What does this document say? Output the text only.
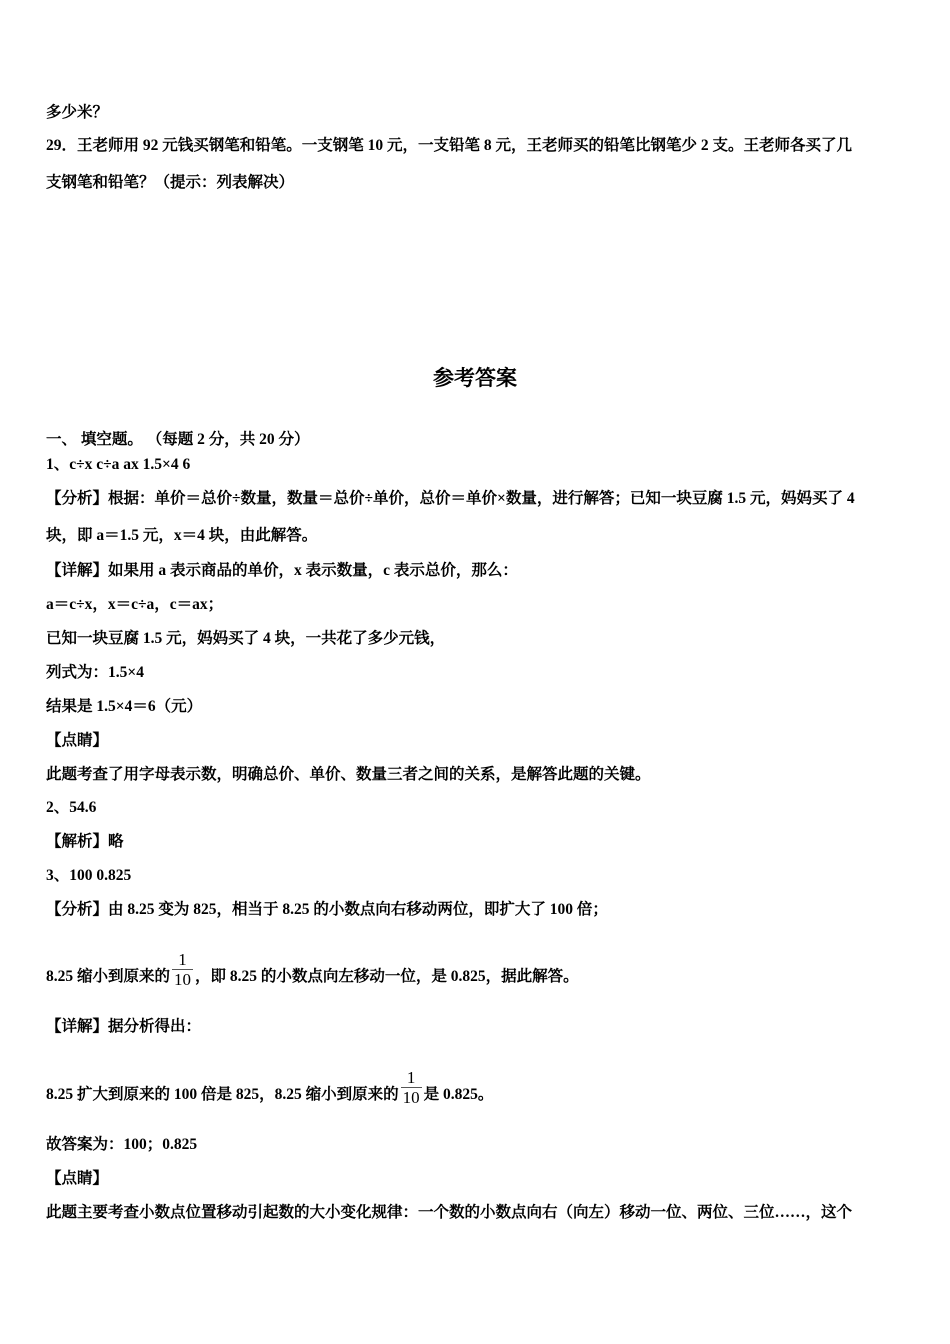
多少米？
29．王老师用 92 元钱买钢笔和铅笔。一支钢笔 10 元，一支铅笔 8 元，王老师买的铅笔比钢笔少 2 支。王老师各买了几
支钢笔和铅笔？（提示：列表解决）
参考答案
一、 填空题。 （每题 2 分，共 20 分）
1、c÷x c÷a ax 1.5×4 6
【分析】根据：单价＝总价÷数量，数量＝总价÷单价，总价＝单价×数量，进行解答；已知一块豆腐 1.5 元，妈妈买了 4
块，即 a＝1.5 元，x＝4 块，由此解答。
【详解】如果用 a 表示商品的单价，x 表示数量，c 表示总价，那么：
a＝c÷x，x＝c÷a，c＝ax；
已知一块豆腐 1.5 元，妈妈买了 4 块，一共花了多少元钱，
列式为：1.5×4
结果是 1.5×4＝6（元）
【点睛】
此题考查了用字母表示数，明确总价、单价、数量三者之间的关系，是解答此题的关键。
2、54.6
【解析】略
3、100 0.825
【分析】由 8.25 变为 825，相当于 8.25 的小数点向右移动两位，即扩大了 100 倍；
8.25 缩小到原来的 $\frac{1}{10}$ ，即 8.25 的小数点向左移动一位，是 0.825，据此解答。
【详解】据分析得出：
8.25 扩大到原来的 100 倍是 825，8.25 缩小到原来的 $\frac{1}{10}$ 是 0.825。
故答案为：100；0.825
【点睛】
此题主要考查小数点位置移动引起数的大小变化规律：一个数的小数点向右（向左）移动一位、两位、三位……，这个
